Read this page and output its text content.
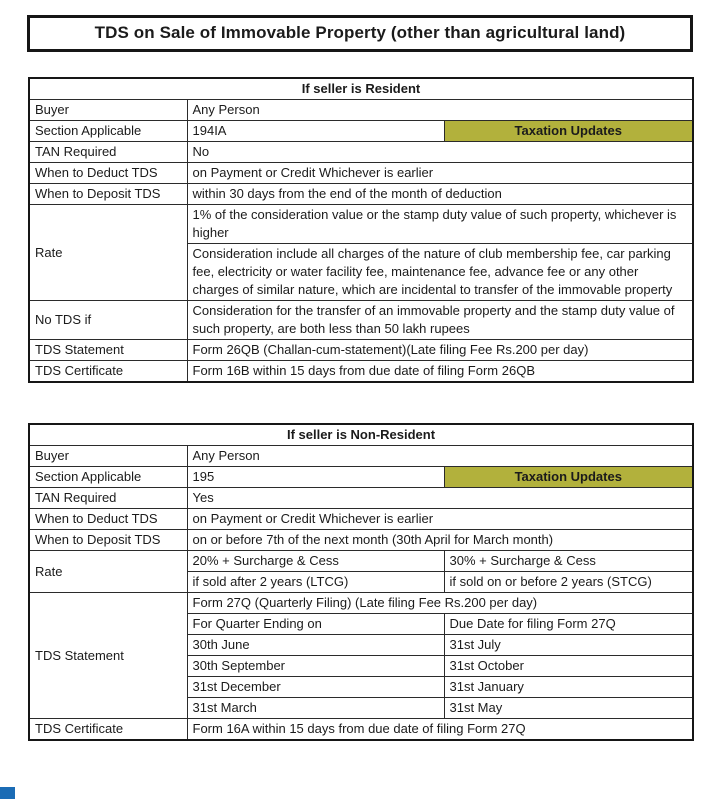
TDS on Sale of Immovable Property (other than agricultural land)
If seller is Resident		
Buyer	Any Person	
Section Applicable	194IA	Taxation Updates
TAN Required	No	
When to Deduct TDS	on Payment or Credit Whichever is earlier	
When to Deposit TDS	within 30 days from the end of the month of deduction	
Rate	1% of the consideration value or the stamp duty value of such property, whichever is higher	
	Consideration include all charges of the nature of club membership fee, car parking fee, electricity or water facility fee, maintenance fee, advance fee or any other charges of similar nature, which are incidental to transfer of the immovable property	
No TDS if	Consideration for the transfer of an immovable property and the stamp duty value of such property, are both less than 50 lakh rupees	
TDS Statement	Form 26QB (Challan-cum-statement)(Late filing Fee Rs.200 per day)	
TDS Certificate	Form 16B within 15 days from due date of filing Form 26QB	
If seller is Non-Resident		
Buyer	Any Person	
Section Applicable	195	Taxation Updates
TAN Required	Yes	
When to Deduct TDS	on Payment or Credit Whichever is earlier	
When to Deposit TDS	on or before 7th of the next month (30th April for March month)	
Rate	20% + Surcharge & Cess	30% + Surcharge & Cess
	if sold after 2 years (LTCG)	if sold on or before 2 years (STCG)
TDS Statement	Form 27Q (Quarterly Filing) (Late filing Fee Rs.200 per day)	
	For Quarter Ending on	Due Date for filing Form 27Q
	30th June	31st July
	30th September	31st October
	31st December	31st January
	31st March	31st May
TDS Certificate	Form 16A within 15 days from due date of filing Form 27Q	
